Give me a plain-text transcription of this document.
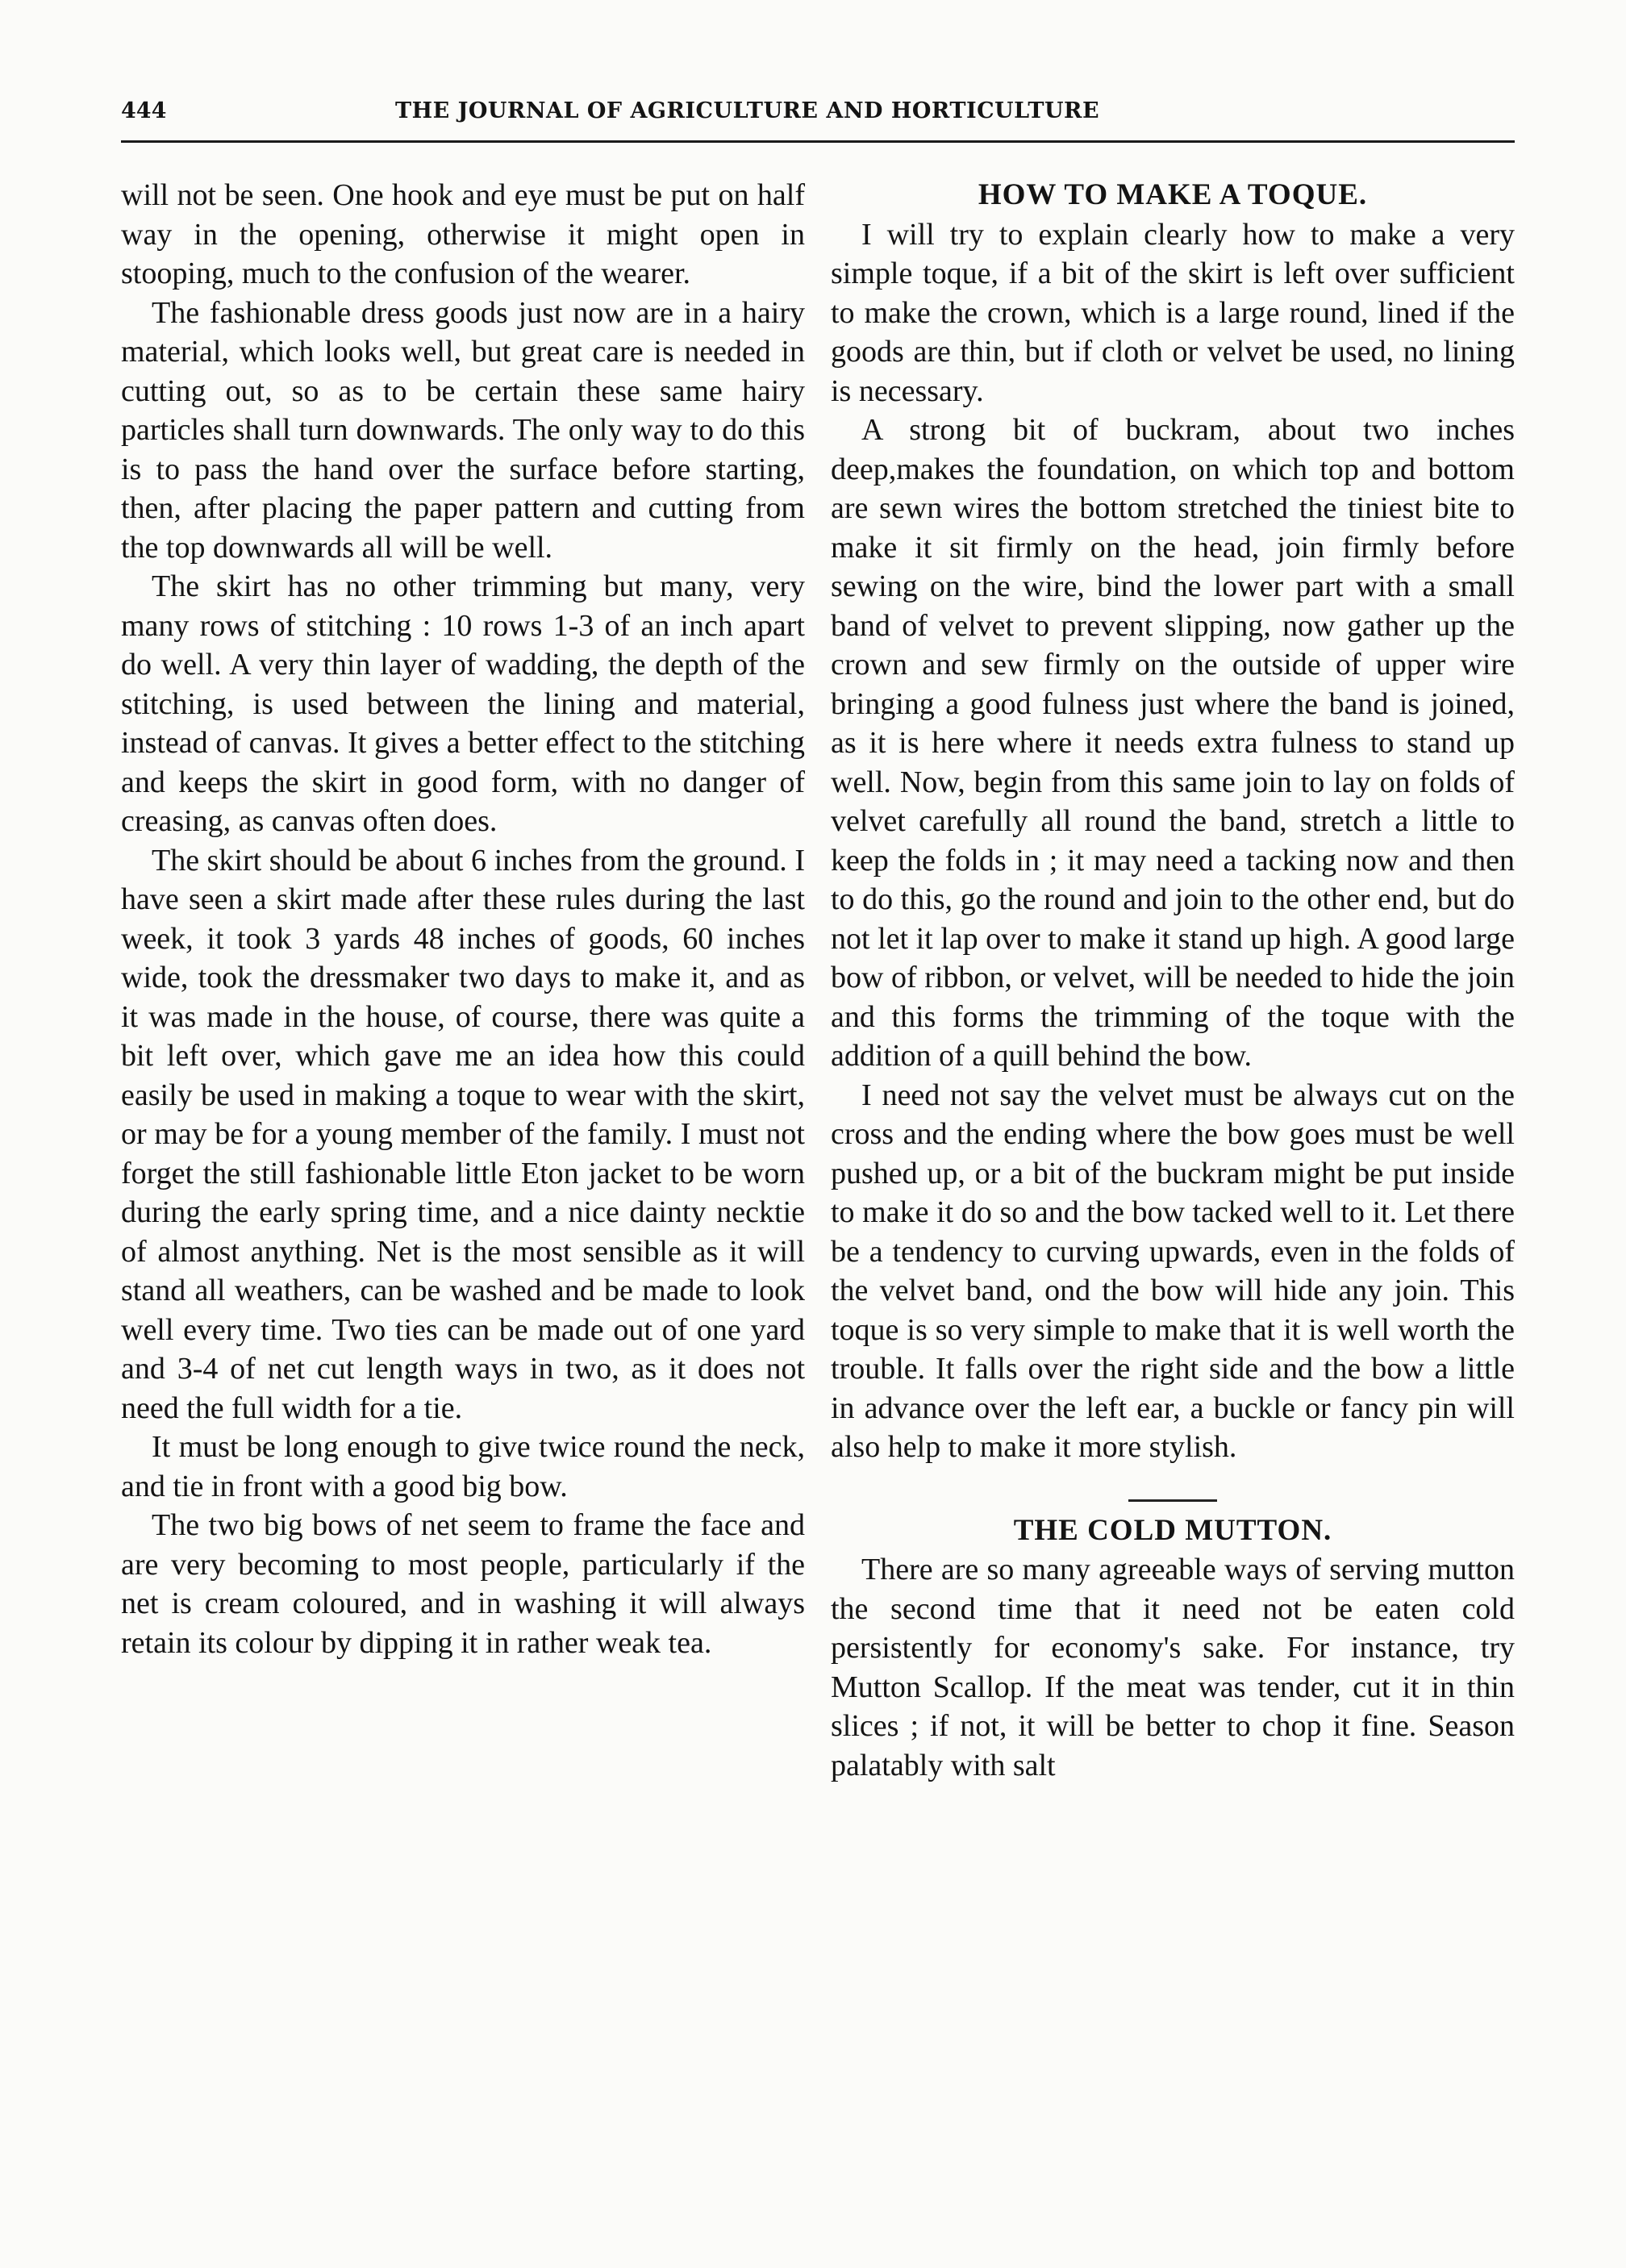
444	THE JOURNAL OF AGRICULTURE AND HORTICULTURE

will not be seen. One hook and eye must be put on half way in the opening, otherwise it might open in stooping, much to the confusion of the wearer.

The fashionable dress goods just now are in a hairy material, which looks well, but great care is needed in cutting out, so as to be certain these same hairy particles shall turn downwards. The only way to do this is to pass the hand over the surface before starting, then, after placing the paper pattern and cutting from the top downwards all will be well.

The skirt has no other trimming but many, very many rows of stitching : 10 rows 1-3 of an inch apart do well. A very thin layer of wadding, the depth of the stitching, is used between the lining and material, instead of canvas. It gives a better effect to the stitching and keeps the skirt in good form, with no danger of creasing, as canvas often does.

The skirt should be about 6 inches from the ground. I have seen a skirt made after these rules during the last week, it took 3 yards 48 inches of goods, 60 inches wide, took the dressmaker two days to make it, and as it was made in the house, of course, there was quite a bit left over, which gave me an idea how this could easily be used in making a toque to wear with the skirt, or may be for a young member of the family. I must not forget the still fashionable little Eton jacket to be worn during the early spring time, and a nice dainty necktie of almost anything. Net is the most sensible as it will stand all weathers, can be washed and be made to look well every time. Two ties can be made out of one yard and 3-4 of net cut length ways in two, as it does not need the full width for a tie.

It must be long enough to give twice round the neck, and tie in front with a good big bow.

The two big bows of net seem to frame the face and are very becoming to most people, particularly if the net is cream coloured, and in washing it will always retain its colour by dipping it in rather weak tea.

HOW TO MAKE A TOQUE.

I will try to explain clearly how to make a very simple toque, if a bit of the skirt is left over sufficient to make the crown, which is a large round, lined if the goods are thin, but if cloth or velvet be used, no lining is necessary.

A strong bit of buckram, about two inches deep,makes the foundation, on which top and bottom are sewn wires the bottom stretched the tiniest bite to make it sit firmly on the head, join firmly before sewing on the wire, bind the lower part with a small band of velvet to prevent slipping, now gather up the crown and sew firmly on the outside of upper wire bringing a good fulness just where the band is joined, as it is here where it needs extra fulness to stand up well. Now, begin from this same join to lay on folds of velvet carefully all round the band, stretch a little to keep the folds in ; it may need a tacking now and then to do this, go the round and join to the other end, but do not let it lap over to make it stand up high. A good large bow of ribbon, or velvet, will be needed to hide the join and this forms the trimming of the toque with the addition of a quill behind the bow.

I need not say the velvet must be always cut on the cross and the ending where the bow goes must be well pushed up, or a bit of the buckram might be put inside to make it do so and the bow tacked well to it. Let there be a tendency to curving upwards, even in the folds of the velvet band, ond the bow will hide any join. This toque is so very simple to make that it is well worth the trouble. It falls over the right side and the bow a little in advance over the left ear, a buckle or fancy pin will also help to make it more stylish.

THE COLD MUTTON.

There are so many agreeable ways of serving mutton the second time that it need not be eaten cold persistently for economy's sake. For instance, try Mutton Scallop. If the meat was tender, cut it in thin slices ; if not, it will be better to chop it fine. Season palatably with salt
